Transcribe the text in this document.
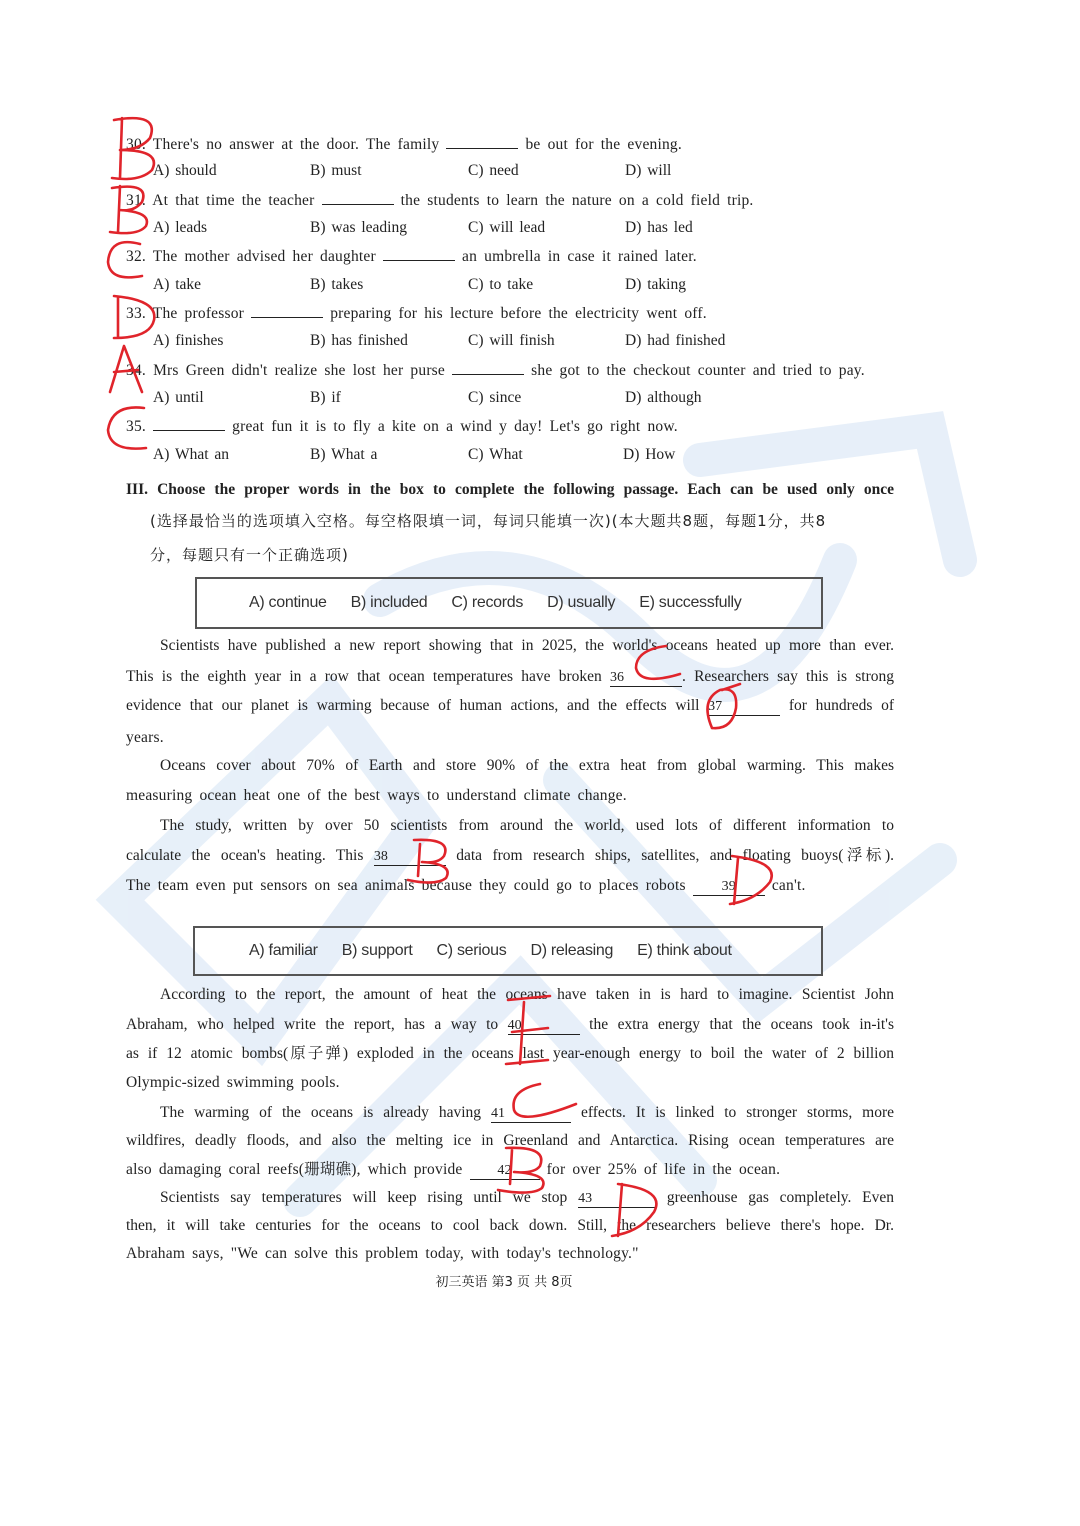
30. There's no answer at the door. The family	be out for the evening.
A) should	B) must	C) need	D) will
31. At that time the teacher	the students to learn the nature on a cold field trip.
A) leads	B) was leading	C) will lead	D) has led
32. The mother advised her daughter	an umbrella in case it rained later.
A) take	B) takes	C) to take	D) taking
33. The professor	preparing for his lecture before the electricity went off.
A) finishes	B) has finished	C) will finish	D) had finished
34. Mrs Green didn't realize she lost her purse	she got to the checkout counter and tried to pay.
A) until	B) if	C) since	D) although
35.	great fun it is to fly a kite on a wind y day! Let's go right now.
A) What an	B) What a	C) What	D) How
III. Choose the proper words in the box to complete the following passage. Each can be used only once
(选择最恰当的选项填入空格。每空格限填一词，每词只能填一次)(本大题共8题，每题1分，共8
分，每题只有一个正确选项)
A) continue B) included C) records D) usually E) successfully
Scientists have published a new report showing that in 2025, the world's oceans heated up more than ever.
This is the eighth year in a row that ocean temperatures have broken 36	. Researchers say this is strong
evidence that our planet is warming because of human actions, and the effects will 37	for hundreds of
years.
Oceans cover about 70% of Earth and store 90% of the extra heat from global warming. This makes
measuring ocean heat one of the best ways to understand climate change.
The study, written by over 50 scientists from around the world, used lots of different information to
calculate the ocean's heating. This 38	data from research ships, satellites, and floating buoys(浮标).
The team even put sensors on sea animals because they could go to places robots	39 can't.
A) familiar B) support C) serious D) releasing E) think about
According to the report, the amount of heat the oceans have taken in is hard to imagine. Scientist John
Abraham, who helped write the report, has a way to 40	the extra energy that the oceans took in-it's
as if 12 atomic bombs(原子弹) exploded in the oceans last year-enough energy to boil the water of 2 billion
Olympic-sized swimming pools.
The warming of the oceans is already having 41	effects. It is linked to stronger storms, more
wildfires, deadly floods, and also the melting ice in Greenland and Antarctica. Rising ocean temperatures are
also damaging coral reefs(珊瑚礁), which provide 42 for over 25% of life in the ocean.
Scientists say temperatures will keep rising until we stop 43	greenhouse gas completely. Even
then, it will take centuries for the oceans to cool back down. Still, the researchers believe there's hope. Dr.
Abraham says, "We can solve this problem today, with today's technology."
初三英语 第3 页 共 8页
